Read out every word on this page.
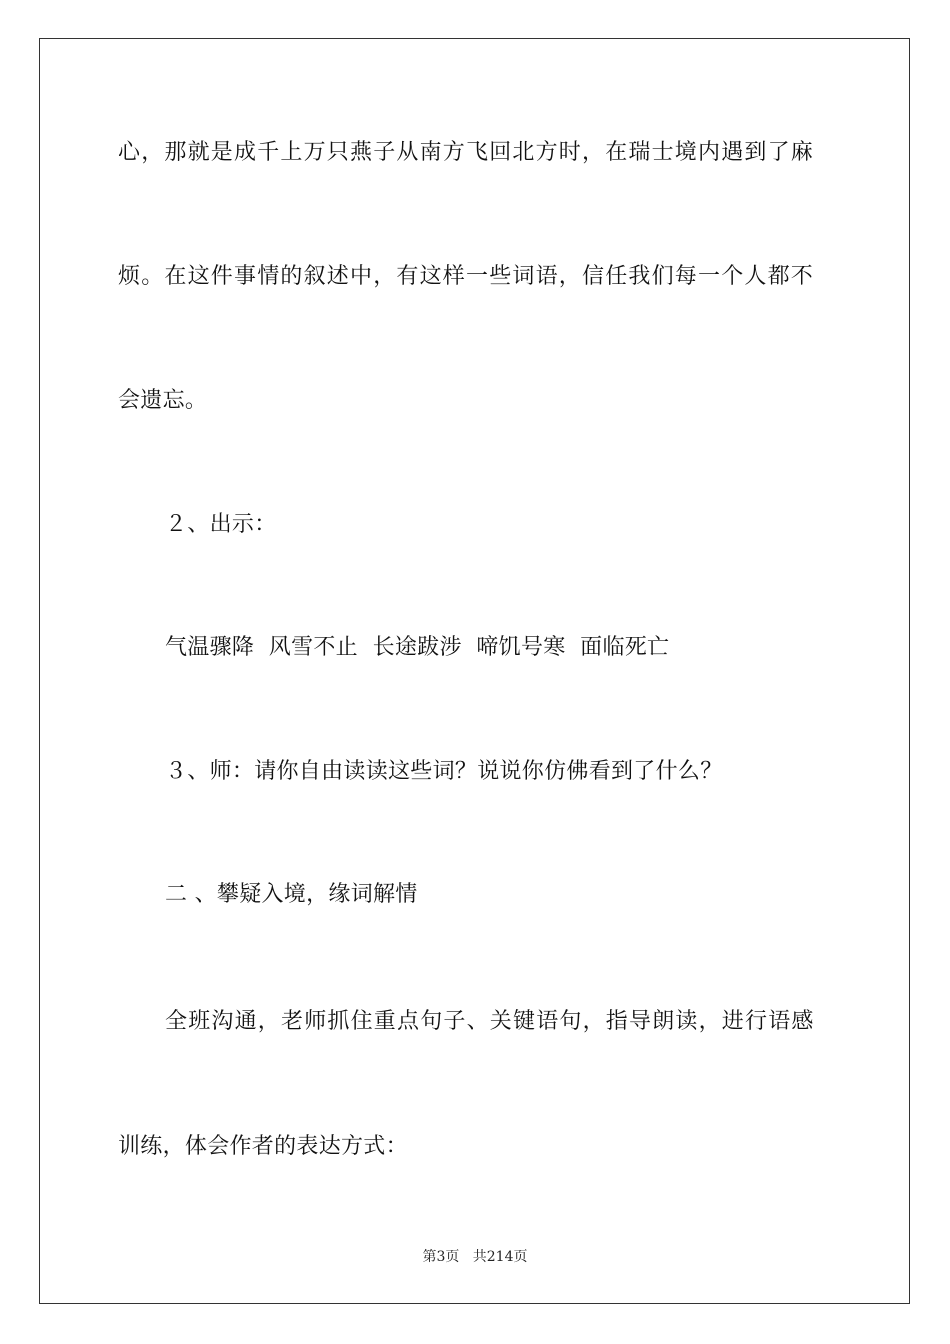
心，那就是成千上万只燕子从南方飞回北方时，在瑞士境内遇到了麻
烦。在这件事情的叙述中，有这样一些词语，信任我们每一个人都不
会遗忘。
２、出示：
气温骤降  风雪不止  长途跋涉  啼饥号寒  面临死亡
３、师：请你自由读读这些词？说说你仿佛看到了什么？
二 、攀疑入境，缘词解情
全班沟通，老师抓住重点句子、关键语句，指导朗读，进行语感
训练，体会作者的表达方式：
第3页   共214页
